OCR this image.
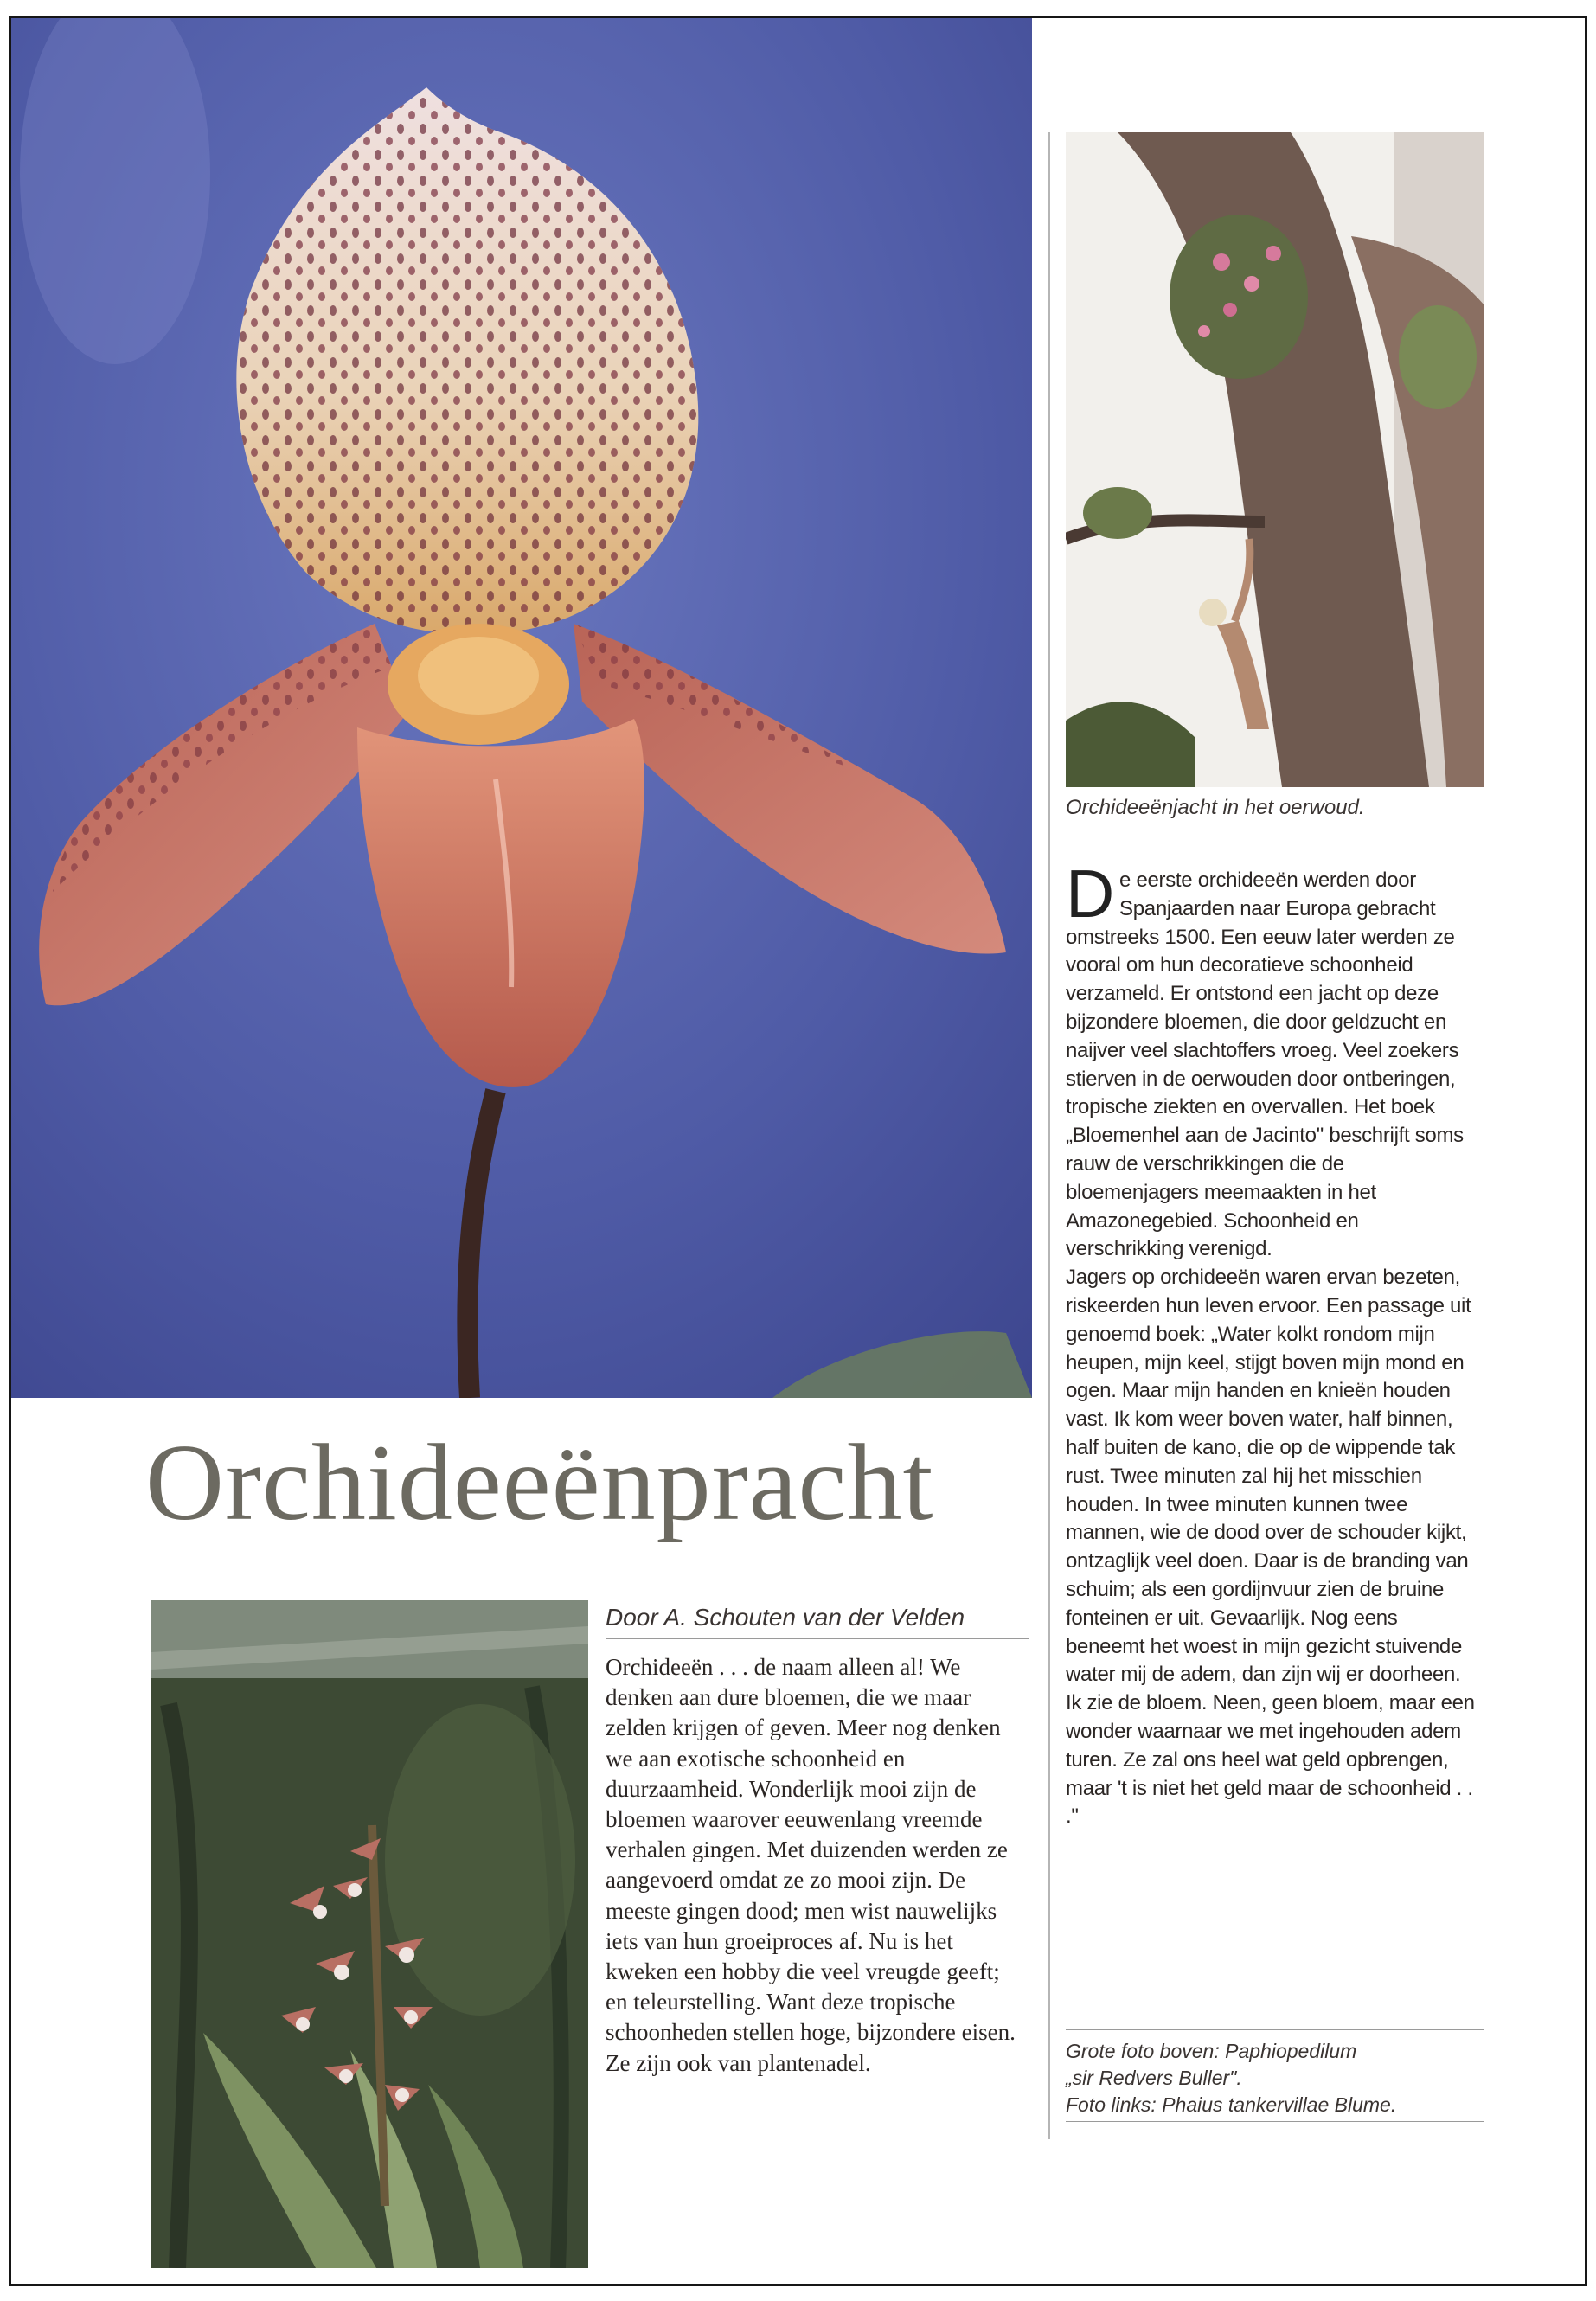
Orchideeënjacht in het oerwoud.

Orchideeënpracht

Door A. Schouten van der Velden

Orchideeën . . . de naam alleen al! We denken aan dure bloemen, die we maar zelden krijgen of geven. Meer nog denken we aan exotische schoonheid en duurzaamheid. Wonderlijk mooi zijn de bloemen waarover eeuwenlang vreemde verhalen gingen. Met duizenden werden ze aangevoerd omdat ze zo mooi zijn. De meeste gingen dood; men wist nauwelijks iets van hun groeiproces af. Nu is het kweken een hobby die veel vreugde geeft; en teleurstelling. Want deze tropische schoonheden stellen hoge, bijzondere eisen. Ze zijn ook van plantenadel.

De eerste orchideeën werden door Spanjaarden naar Europa gebracht omstreeks 1500. Een eeuw later werden ze vooral om hun decoratieve schoonheid verzameld. Er ontstond een jacht op deze bijzondere bloemen, die door geldzucht en naijver veel slachtoffers vroeg. Veel zoekers stierven in de oerwouden door ontberingen, tropische ziekten en overvallen. Het boek „Bloemenhel aan de Jacinto" beschrijft soms rauw de verschrikkingen die de bloemenjagers meemaakten in het Amazonegebied. Schoonheid en verschrikking verenigd.

Jagers op orchideeën waren ervan bezeten, riskeerden hun leven ervoor. Een passage uit genoemd boek: „Water kolkt rondom mijn heupen, mijn keel, stijgt boven mijn mond en ogen. Maar mijn handen en knieën houden vast. Ik kom weer boven water, half binnen, half buiten de kano, die op de wippende tak rust. Twee minuten zal hij het misschien houden. In twee minuten kunnen twee mannen, wie de dood over de schouder kijkt, ontzaglijk veel doen. Daar is de branding van schuim; als een gordijnvuur zien de bruine fonteinen er uit. Gevaarlijk. Nog eens beneemt het woest in mijn gezicht stuivende water mij de adem, dan zijn wij er doorheen. Ik zie de bloem. Neen, geen bloem, maar een wonder waarnaar we met ingehouden adem turen. Ze zal ons heel wat geld opbrengen, maar 't is niet het geld maar de schoonheid . . ."

Grote foto boven: Paphiopedilum
„sir Redvers Buller".
Foto links: Phaius tankervillae Blume.
